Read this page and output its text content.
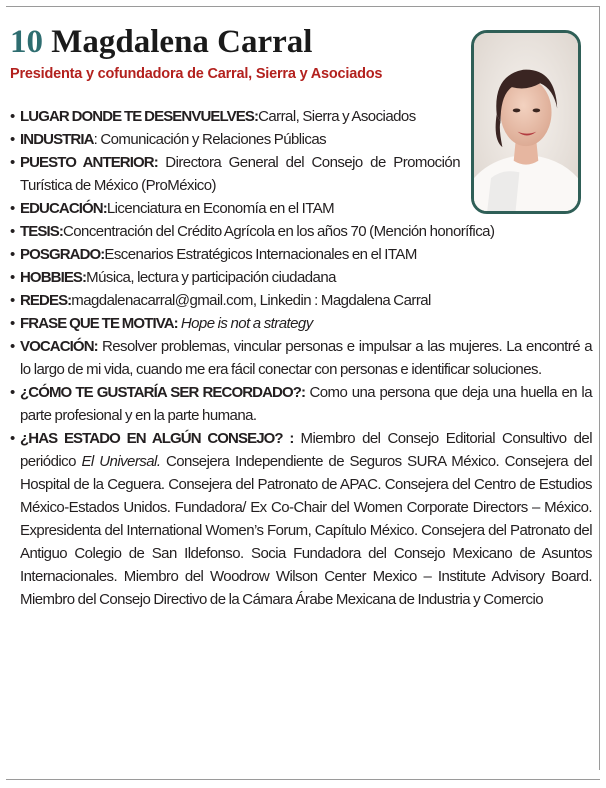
10 Magdalena Carral
Presidenta y cofundadora de Carral, Sierra y Asociados
• LUGAR DONDE TE DESENVUELVES:Carral, Sierra y Asociados
• INDUSTRIA: Comunicación y Relaciones Públicas
• PUESTO ANTERIOR: Directora General del Consejo de Promoción Turística de México (ProMéxico)
• EDUCACIÓN:Licenciatura en Economía en el ITAM
• TESIS:Concentración del Crédito Agrícola en los años 70 (Mención honorífica)
• POSGRADO:Escenarios Estratégicos Internacionales en el ITAM
• HOBBIES:Música, lectura y participación ciudadana
• REDES:magdalenacarral@gmail.com, Linkedin : Magdalena Carral
• FRASE QUE TE MOTIVA: Hope is not a strategy
• VOCACIÓN: Resolver problemas, vincular personas e impulsar a las mujeres. La encontré a lo largo de mi vida, cuando me era fácil conectar con personas e identificar soluciones.
• ¿CÓMO TE GUSTARÍA SER RECORDADO?: Como una persona que deja una huella en la parte profesional y en la parte humana.
• ¿HAS ESTADO EN ALGÚN CONSEJO? : Miembro del Consejo Editorial Consultivo del periódico El Universal. Consejera Independiente de Seguros SURA México. Consejera del Hospital de la Ceguera. Consejera del Patronato de APAC. Consejera del Centro de Estudios México-Estados Unidos. Fundadora/ Ex Co-Chair del Women Corporate Directors – México. Expresidenta del International Women’s Forum, Capítulo México. Consejera del Patronato del Antiguo Colegio de San Ildefonso. Socia Fundadora del Consejo Mexicano de Asuntos Internacionales. Miembro del Woodrow Wilson Center Mexico – Institute Advisory Board. Miembro del Consejo Directivo de la Cámara Árabe Mexicana de Industria y Comercio
